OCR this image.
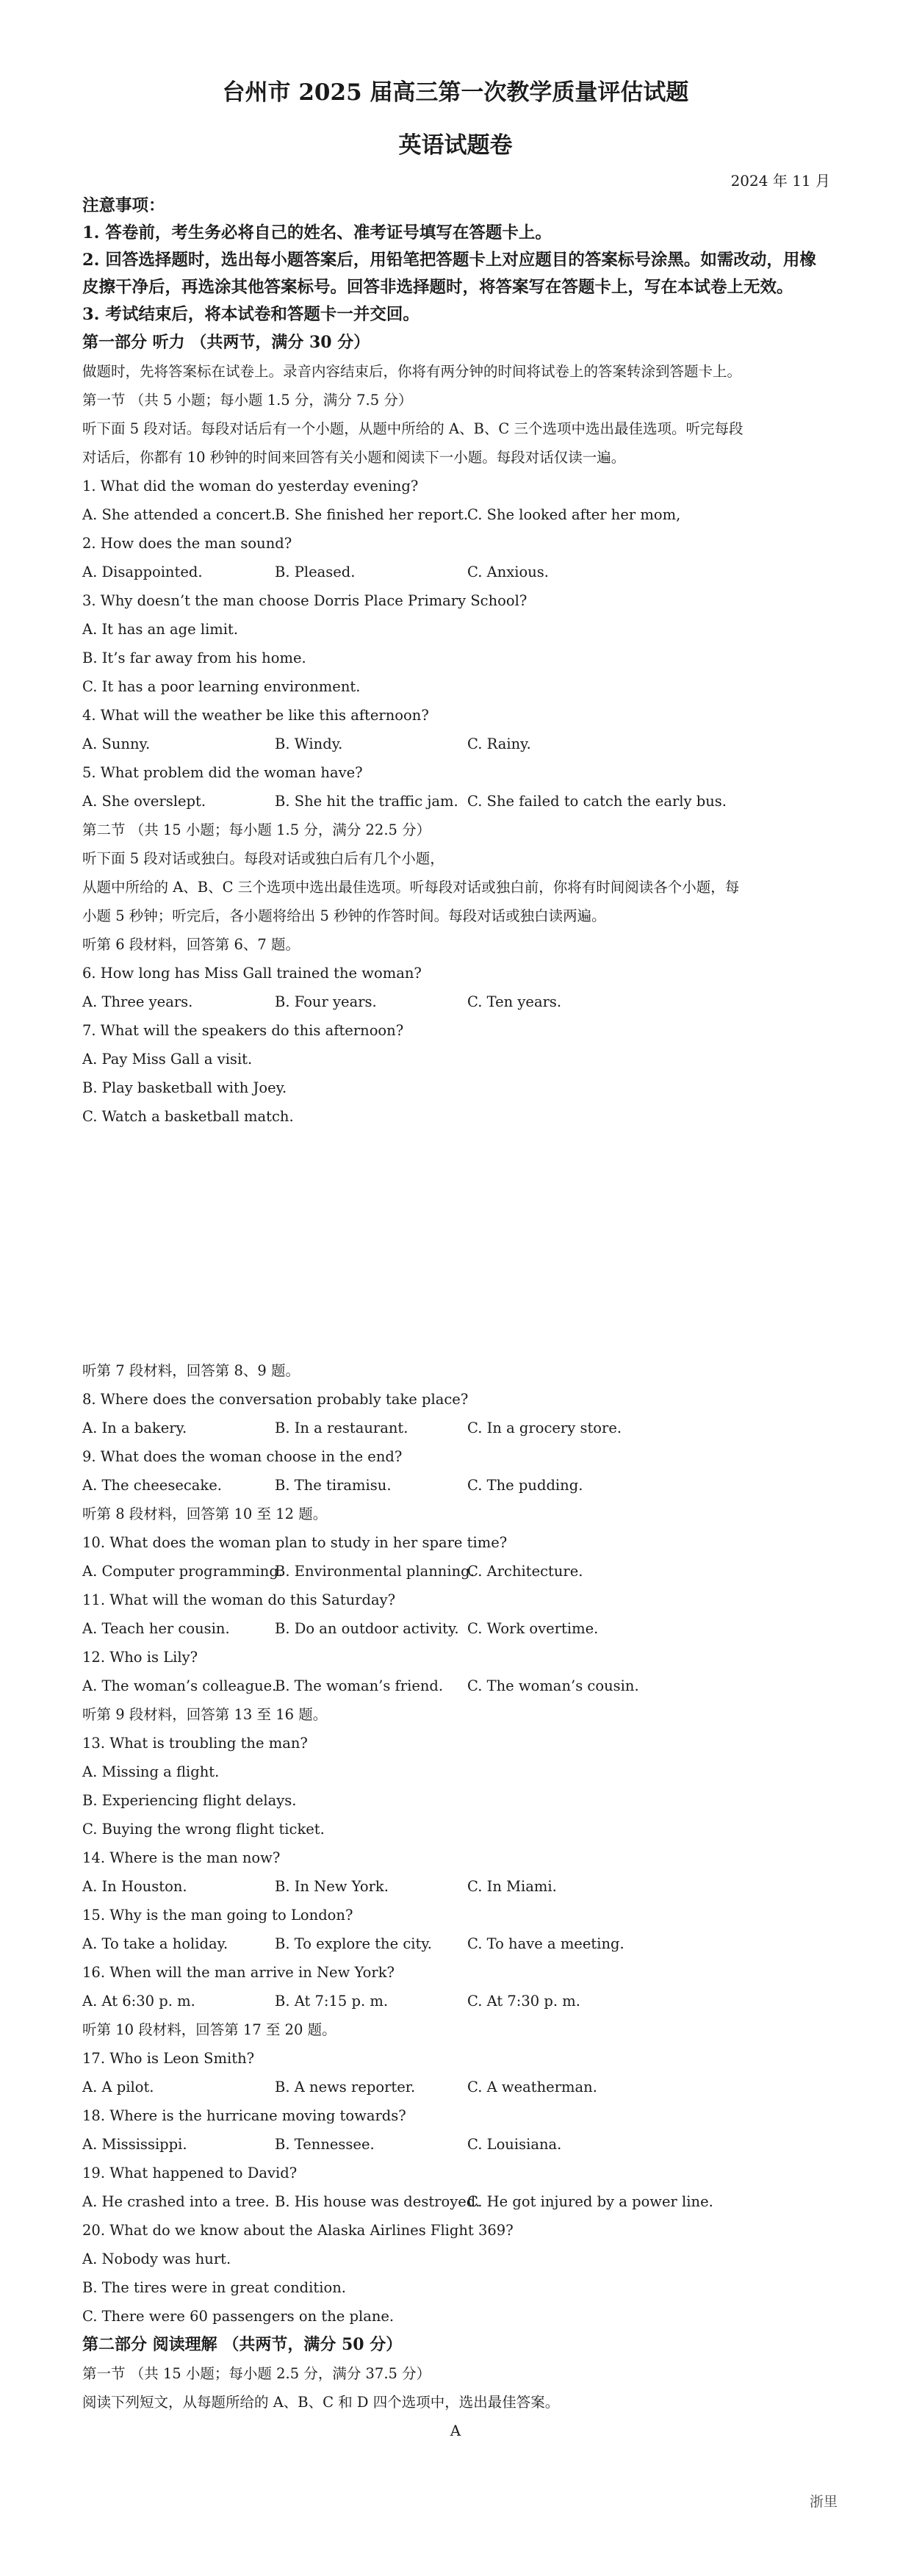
台州市 2025 届高三第一次教学质量评估试题
英语试题卷
2024 年 11 月
注意事项：
1. 答卷前，考生务必将自己的姓名、准考证号填写在答题卡上。
2. 回答选择题时，选出每小题答案后，用铅笔把答题卡上对应题目的答案标号涂黑。如需改动，用橡皮擦干净后，再选涂其他答案标号。回答非选择题时，将答案写在答题卡上，写在本试卷上无效。
3. 考试结束后，将本试卷和答题卡一并交回。
第一部分 听力 （共两节，满分 30 分）
做题时，先将答案标在试卷上。录音内容结束后，你将有两分钟的时间将试卷上的答案转涂到答题卡上。
第一节 （共 5 小题；每小题 1.5 分，满分 7.5 分）
听下面 5 段对话。每段对话后有一个小题，从题中所给的 A、B、C 三个选项中选出最佳选项。听完每段
对话后，你都有 10 秒钟的时间来回答有关小题和阅读下一小题。每段对话仅读一遍。
1. What did the woman do yesterday evening?
A. She attended a concert.
B. She finished her report.
C. She looked after her mom,
2. How does the man sound?
A. Disappointed.	B. Pleased.	C. Anxious.
3. Why doesn’t the man choose Dorris Place Primary School?
A. It has an age limit.
B. It’s far away from his home.
C. It has a poor learning environment.
4. What will the weather be like this afternoon?
A. Sunny.	B. Windy.	C. Rainy.
5. What problem did the woman have?
A. She overslept.	B. She hit the traffic jam. C. She failed to catch the early bus.
第二节 （共 15 小题；每小题 1.5 分，满分 22.5 分）
听下面 5 段对话或独白。每段对话或独白后有几个小题，
从题中所给的 A、B、C 三个选项中选出最佳选项。听每段对话或独白前，你将有时间阅读各个小题，每
小题 5 秒钟；听完后，各小题将给出 5 秒钟的作答时间。每段对话或独白读两遍。
听第 6 段材料，回答第 6、7 题。
6. How long has Miss Gall trained the woman?
A. Three years.	B. Four years.	C. Ten years.
7. What will the speakers do this afternoon?
A. Pay Miss Gall a visit.
B. Play basketball with Joey.
C. Watch a basketball match.
听第 7 段材料，回答第 8、9 题。
8. Where does the conversation probably take place?
A. In a bakery.	B. In a restaurant.	C. In a grocery store.
9. What does the woman choose in the end?
A. The cheesecake.	B. The tiramisu.	C. The pudding.
听第 8 段材料，回答第 10 至 12 题。
10. What does the woman plan to study in her spare time?
A. Computer programming.
B. Environmental planning.
C. Architecture.
11. What will the woman do this Saturday?
A. Teach her cousin.	B. Do an outdoor activity. C. Work overtime.
12. Who is Lily?
A. The woman’s colleague.
B. The woman’s friend.	C. The woman’s cousin.
听第 9 段材料，回答第 13 至 16 题。
13. What is troubling the man?
A. Missing a flight.
B. Experiencing flight delays.
C. Buying the wrong flight ticket.
14. Where is the man now?
A. In Houston.	B. In New York.	C. In Miami.
15. Why is the man going to London?
A. To take a holiday.	B. To explore the city.	C. To have a meeting.
16. When will the man arrive in New York?
A. At 6:30 p. m.	B. At 7:15 p. m.	C. At 7:30 p. m.
听第 10 段材料，回答第 17 至 20 题。
17. Who is Leon Smith?
A. A pilot.	B. A news reporter.	C. A weatherman.
18. Where is the hurricane moving towards?
A. Mississippi.	B. Tennessee.	C. Louisiana.
19. What happened to David?
A. He crashed into a tree. B. His house was destroyed.
C. He got injured by a power line.
20. What do we know about the Alaska Airlines Flight 369?
A. Nobody was hurt.
B. The tires were in great condition.
C. There were 60 passengers on the plane.
第二部分 阅读理解 （共两节，满分 50 分）
第一节 （共 15 小题；每小题 2.5 分，满分 37.5 分）
阅读下列短文，从每题所给的 A、B、C 和 D 四个选项中，选出最佳答案。
A
浙里
